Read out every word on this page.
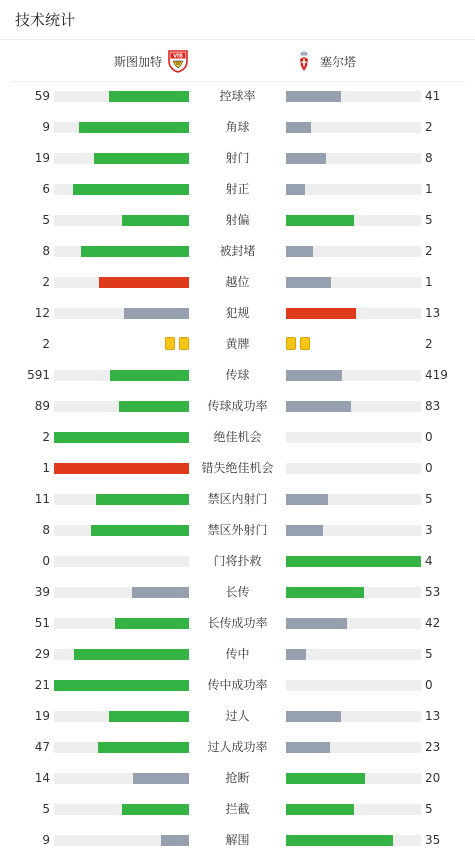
技术统计
斯图加特 VfB	塞尔塔
59	控球率	41
9	角球	2
19	射门	8
6	射正	1
5	射偏	5
8	被封堵	2
2	越位	1
12	犯规	13
2	黄牌	2
591	传球	419
89	传球成功率	83
2	绝佳机会	0
1	错失绝佳机会	0
11	禁区内射门	5
8	禁区外射门	3
0	门将扑救	4
39	长传	53
51	长传成功率	42
29	传中	5
21	传中成功率	0
19	过人	13
47	过人成功率	23
14	抢断	20
5	拦截	5
9	解围	35
